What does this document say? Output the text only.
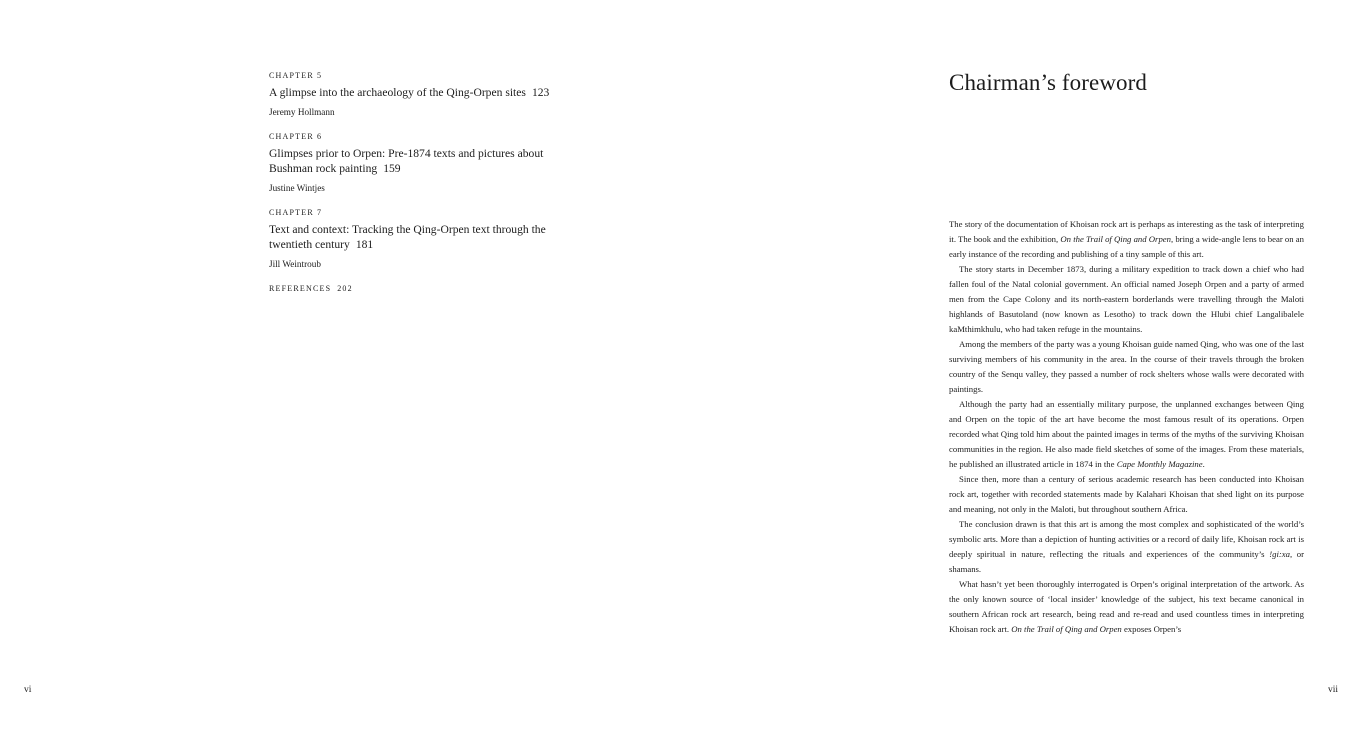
CHAPTER 5
A glimpse into the archaeology of the Qing-Orpen sites 123
Jeremy Hollmann
CHAPTER 6
Glimpses prior to Orpen: Pre-1874 texts and pictures about Bushman rock painting 159
Justine Wintjes
CHAPTER 7
Text and context: Tracking the Qing-Orpen text through the twentieth century 181
Jill Weintroub
REFERENCES 202
vi
Chairman’s foreword

The story of the documentation of Khoisan rock art is perhaps as interesting as the task of interpreting it. The book and the exhibition, On the Trail of Qing and Orpen, bring a wide-angle lens to bear on an early instance of the recording and publishing of a tiny sample of this art.

The story starts in December 1873, during a military expedition to track down a chief who had fallen foul of the Natal colonial government. An official named Joseph Orpen and a party of armed men from the Cape Colony and its north-eastern borderlands were travelling through the Maloti highlands of Basutoland (now known as Lesotho) to track down the Hlubi chief Langalibalele kaMthimkhulu, who had taken refuge in the mountains.

Among the members of the party was a young Khoisan guide named Qing, who was one of the last surviving members of his community in the area. In the course of their travels through the broken country of the Senqu valley, they passed a number of rock shelters whose walls were decorated with paintings.

Although the party had an essentially military purpose, the unplanned exchanges between Qing and Orpen on the topic of the art have become the most famous result of its operations. Orpen recorded what Qing told him about the painted images in terms of the myths of the surviving Khoisan communities in the region. He also made field sketches of some of the images. From these materials, he published an illustrated article in 1874 in the Cape Monthly Magazine.

Since then, more than a century of serious academic research has been conducted into Khoisan rock art, together with recorded statements made by Kalahari Khoisan that shed light on its purpose and meaning, not only in the Maloti, but throughout southern Africa.

The conclusion drawn is that this art is among the most complex and sophisticated of the world’s symbolic arts. More than a depiction of hunting activities or a record of daily life, Khoisan rock art is deeply spiritual in nature, reflecting the rituals and experiences of the community’s !gi:xa, or shamans.

What hasn’t yet been thoroughly interrogated is Orpen’s original interpretation of the artwork. As the only known source of ‘local insider’ knowledge of the subject, his text became canonical in southern African rock art research, being read and re-read and used countless times in interpreting Khoisan rock art. On the Trail of Qing and Orpen exposes Orpen’s

vii
